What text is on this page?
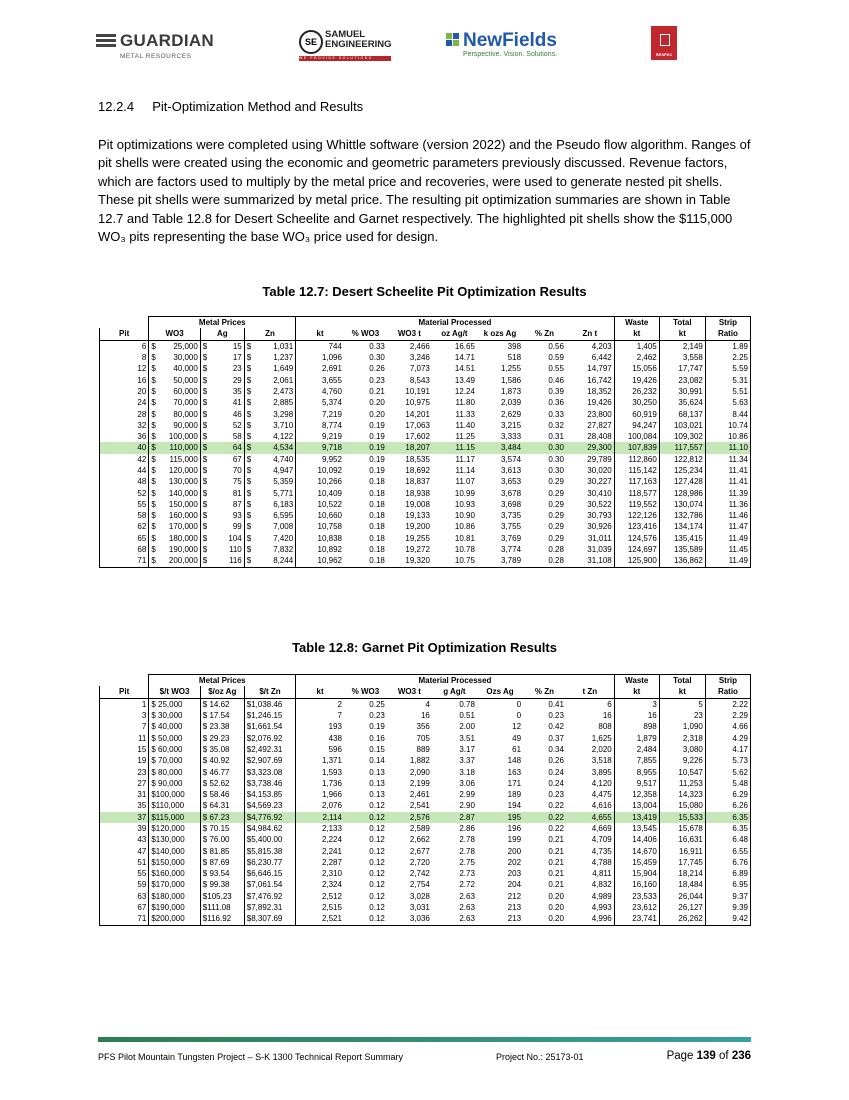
GUARDIAN
METAL RESOURCES
SESAMUEL
ENGINEERING
WE PROVIDE SOLUTIONS
NewFields
Perspective. Vision. Solutions.	RESPEC
12.2.4     Pit-Optimization Method and Results
Pit optimizations were completed using Whittle software (version 2022) and the Pseudo flow algorithm. Ranges of pit shells were created using the economic and geometric parameters previously discussed. Revenue factors, which are factors used to multiply by the metal price and recoveries, were used to generate nested pit shells. These pit shells were summarized by metal price. The resulting pit optimization summaries are shown in Table 12.7 and Table 12.8 for Desert Scheelite and Garnet respectively. The highlighted pit shells show the $115,000 WO₃ pits representing the base WO₃ price used for design.
Table 12.7: Desert Scheelite Pit Optimization Results
	Metal Prices			Material Processed							Waste	Total	Strip
Pit	WO3	Ag	Zn	kt	% WO3	WO3 t	oz Ag/t	k ozs Ag	% Zn	Zn t	kt	kt	Ratio
6	$ 25,000	$ 15	$ 1,031	744	0.33	2,466	16.65	398	0.56	4,203	1,405	2,149	1.89
8	$ 30,000	$ 17	$ 1,237	1,096	0.30	3,246	14.71	518	0.59	6,442	2,462	3,558	2.25
12	$ 40,000	$ 23	$ 1,649	2,691	0.26	7,073	14.51	1,255	0.55	14,797	15,056	17,747	5.59
16	$ 50,000	$ 29	$ 2,061	3,655	0.23	8,543	13.49	1,586	0.46	16,742	19,426	23,082	5.31
20	$ 60,000	$ 35	$ 2,473	4,760	0.21	10,191	12.24	1,873	0.39	18,352	26,232	30,991	5.51
24	$ 70,000	$ 41	$ 2,885	5,374	0.20	10,975	11.80	2,039	0.36	19,426	30,250	35,624	5.63
28	$ 80,000	$ 46	$ 3,298	7,219	0.20	14,201	11.33	2,629	0.33	23,800	60,919	68,137	8.44
32	$ 90,000	$ 52	$ 3,710	8,774	0.19	17,063	11.40	3,215	0.32	27,827	94,247	103,021	10.74
36	$ 100,000	$ 58	$ 4,122	9,219	0.19	17,602	11.25	3,333	0.31	28,408	100,084	109,302	10.86
40	$ 110,000	$ 64	$ 4,534	9,718	0.19	18,207	11.15	3,484	0.30	29,300	107,839	117,557	11.10
42	$ 115,000	$ 67	$ 4,740	9,952	0.19	18,535	11.17	3,574	0.30	29,789	112,860	122,812	11.34
44	$ 120,000	$ 70	$ 4,947	10,092	0.19	18,692	11.14	3,613	0.30	30,020	115,142	125,234	11.41
48	$ 130,000	$ 75	$ 5,359	10,266	0.18	18,837	11.07	3,653	0.29	30,227	117,163	127,428	11.41
52	$ 140,000	$ 81	$ 5,771	10,409	0.18	18,938	10.99	3,678	0.29	30,410	118,577	128,986	11.39
55	$ 150,000	$ 87	$ 6,183	10,522	0.18	19,008	10.93	3,698	0.29	30,522	119,552	130,074	11.36
58	$ 160,000	$ 93	$ 6,595	10,660	0.18	19,133	10.90	3,735	0.29	30,793	122,126	132,786	11.46
62	$ 170,000	$ 99	$ 7,008	10,758	0.18	19,200	10.86	3,755	0.29	30,926	123,416	134,174	11.47
65	$ 180,000	$ 104	$ 7,420	10,838	0.18	19,255	10.81	3,769	0.29	31,011	124,576	135,415	11.49
68	$ 190,000	$ 110	$ 7,832	10,892	0.18	19,272	10.78	3,774	0.28	31,039	124,697	135,589	11.45
71	$ 200,000	$ 116	$ 8,244	10,962	0.18	19,320	10.75	3,789	0.28	31,108	125,900	136,862	11.49
Table 12.8: Garnet Pit Optimization Results
	Metal Prices			Material Processed							Waste	Total	Strip
Pit	$/t WO3	$/oz Ag	$/t Zn	kt	% WO3	WO3 t	g Ag/t	Ozs Ag	% Zn	t Zn	kt	kt	Ratio
1	$ 25,000	$ 14.62	$1,038.46	2	0.25	4	0.78	0	0.41	6	3	5	2.22
3	$ 30,000	$ 17.54	$1,246.15	7	0.23	16	0.51	0	0.23	16	16	23	2.29
7	$ 40,000	$ 23.38	$1,661.54	193	0.19	356	2.00	12	0.42	808	898	1,090	4.66
11	$ 50,000	$ 29.23	$2,076.92	438	0.16	705	3.51	49	0.37	1,625	1,879	2,318	4.29
15	$ 60,000	$ 35.08	$2,492.31	596	0.15	889	3.17	61	0.34	2,020	2,484	3,080	4.17
19	$ 70,000	$ 40.92	$2,907.69	1,371	0.14	1,882	3.37	148	0.26	3,518	7,855	9,226	5.73
23	$ 80,000	$ 46.77	$3,323.08	1,593	0.13	2,090	3.18	163	0.24	3,895	8,955	10,547	5.62
27	$ 90,000	$ 52.62	$3,738.46	1,736	0.13	2,199	3.06	171	0.24	4,120	9,517	11,253	5.48
31	$100,000	$ 58.46	$4,153.85	1,966	0.13	2,461	2.99	189	0.23	4,475	12,358	14,323	6.29
35	$110,000	$ 64.31	$4,569.23	2,076	0.12	2,541	2.90	194	0.22	4,616	13,004	15,080	6.26
37	$115,000	$ 67.23	$4,776.92	2,114	0.12	2,576	2.87	195	0.22	4,655	13,419	15,533	6.35
39	$120,000	$ 70.15	$4,984.62	2,133	0.12	2,589	2.86	196	0.22	4,669	13,545	15,678	6.35
43	$130,000	$ 76.00	$5,400.00	2,224	0.12	2,662	2.78	199	0.21	4,709	14,406	16,631	6.48
47	$140,000	$ 81.85	$5,815.38	2,241	0.12	2,677	2.78	200	0.21	4,735	14,670	16,911	6.55
51	$150,000	$ 87.69	$6,230.77	2,287	0.12	2,720	2.75	202	0.21	4,788	15,459	17,745	6.76
55	$160,000	$ 93.54	$6,646.15	2,310	0.12	2,742	2.73	203	0.21	4,811	15,904	18,214	6.89
59	$170,000	$ 99.38	$7,061.54	2,324	0.12	2,754	2.72	204	0.21	4,832	16,160	18,484	6.95
63	$180,000	$105.23	$7,476.92	2,512	0.12	3,028	2.63	212	0.20	4,989	23,533	26,044	9.37
67	$190,000	$111.08	$7,892.31	2,515	0.12	3,031	2.63	213	0.20	4,993	23,612	26,127	9.39
71	$200,000	$116.92	$8,307.69	2,521	0.12	3,036	2.63	213	0.20	4,996	23,741	26,262	9.42
PFS Pilot Mountain Tungsten Project – S-K 1300 Technical Report Summary	Project No.: 25173-01	Page 139 of 236
